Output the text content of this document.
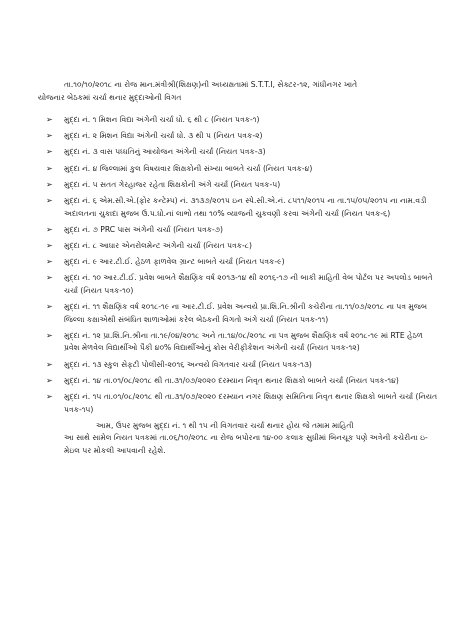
તા.૧૦/૧૦/૨૦૧૮ ના રોજ માન.મંત્રીશ્રી(શિક્ષણ)ની અધ્યક્ષતામાં S.T.T.I, સેક્ટર-૧૨, ગાંધીનગર ખાતે

યોજનાર બેઠકમાં ચર્ચા થનાર મુદ્દાઓની વિગત
➢ મુદ્દા નં. ૧ મિશન વિદ્યા અંગેની ચર્ચા ધો. ૬ થી ૮ (નિયત પત્રક-૧)
➢ મુદ્દા નં. ૨ મિશન વિદ્યા અંગેની ચર્ચા ધો. ૩ થી ૫ (નિયત પત્રક-૨)
➢ મુદ્દા નં. ૩ વાસ પધ્ધતિનું આયોજન અંગેની ચર્ચા (નિયત પત્રક-૩)
➢ મુદ્દા નં. ૪ જિલ્લામાં કુલ વિષયવાર શિક્ષકોની સંખ્યા બાબતે ચર્ચા (નિયત પત્રક-૪)
➢ મુદ્દા નં. ૫ સતત ગેરહાજર રહેતા શિક્ષકોની અંગે ચર્ચા (નિયત પત્રક-૫)
➢ મુદ્દા નં. ૬ એમ.સી.એ.(ફોર કન્ટેમ્પ) નં. ૩૧૩૭/૨૦૧૫ ઇન સ્પે.સી.એ.નં. ૮૫૧૧/૨૦૧૫ ના તા.૧૫/૦૫/૨૦૧૫ ના નામ.વડી અદાલતના ચુકાદા મુજબ ઉ.પ.ધો.નાં લાભો તથા ૧૦% વ્યાજની ચુકવણી કરવા અંગેની ચર્ચા (નિયત પત્રક-૬)
➢ મુદ્દા નં. ૭ PRC પાસ અંગેની ચર્ચા (નિયત પત્રક-૭)
➢ મુદ્દા નં. ૮ આધાર એનરોલમેન્ટ અંગેની ચર્ચા (નિયત પત્રક-૮)
➢ મુદ્દા નં. ૯ આર.ટી.ઈ. હેઠળ ફાળવેલ ગ્રાન્ટ બાબતે ચર્ચા (નિયત પત્રક-૯)
➢ મુદ્દા નં. ૧૦ આર.ટી.ઈ. પ્રવેશ બાબતે શૈક્ષણિક વર્ષ ૨૦૧૩-૧૪ થી ૨૦૧૬-૧૭ ની બાકી માહિતી વેબ પોર્ટલ પર અપલોડ બાબતે ચર્ચા (નિયત પત્રક-૧૦)
➢ મુદ્દા નં. ૧૧ શૈક્ષણિક વર્ષ ૨૦૧૮-૧૯ ના આર.ટી.ઈ. પ્રવેશ અન્વયે પ્રા.શિ.નિ.શ્રીની કચેરીના તા.૧૧/૦૭/૨૦૧૮ ના પત્ર મુજબ જિલ્લા કક્ષાએથી સંબંધિત શાળાઓમાં કરેલ બેઠકની વિગતો અંગે ચર્ચા (નિયત પત્રક-૧૧)
➢ મુદ્દા નં. ૧૨ પ્રા.શિ.નિ.શ્રીના તા.૧૯/૦૪/૨૦૧૮ અને તા.૧૪/૦૮/૨૦૧૮ ના પત્ર મુજબ શૈક્ષણિક વર્ષ ૨૦૧૮-૧૯ માં RTE હેઠળ પ્રવેશ મેળવેલ વિદ્યાર્થીઓ પૈકી ૪૦% વિદ્યાર્થીઓનું ક્રોસ વેરીફીકેશન અંગેની ચર્ચા (નિયત પત્રક-૧૨)
➢ મુદ્દા નં. ૧૩ સ્કુલ સેફટી પોલીસી-૨૦૧૬ અન્વયે વિગતવાર ચર્ચા (નિયત પત્રક-૧૩)
➢ મુદ્દા નં. ૧૪ તા.૦૧/૦૮/૨૦૧૮ થી તા.૩૧/૦૭/૨૦૨૦ દરમ્યાન નિવૃત થનાર શિક્ષકો બાબતે ચર્ચા (નિયત પત્રક-૧૪)
➢ મુદ્દા નં. ૧૫ તા.૦૧/૦૮/૨૦૧૮ થી તા.૩૧/૦૭/૨૦૨૦ દરમ્યાન નગર શિક્ષણ સમિતિના નિવૃત થનાર શિક્ષકો બાબતે ચર્ચા (નિયત પત્રક-૧૫)
આમ, ઉપર મુજબ મુદ્દા નં. ૧ થી ૧૫ ની વિગતવાર ચર્ચા થનાર હોય જે તમામ માહિતી
આ સાથે સામેલ નિયત પત્રકમાં તા.૦૬/૧૦/૨૦૧૮ ના રોજ બપોરના ૧૪-૦૦ કલાક સુધીમાં બિનચૂક પણે અત્રેની કચેરીના ઇ-મેઇલ પર મોકલી આપવાની રહેશે.
